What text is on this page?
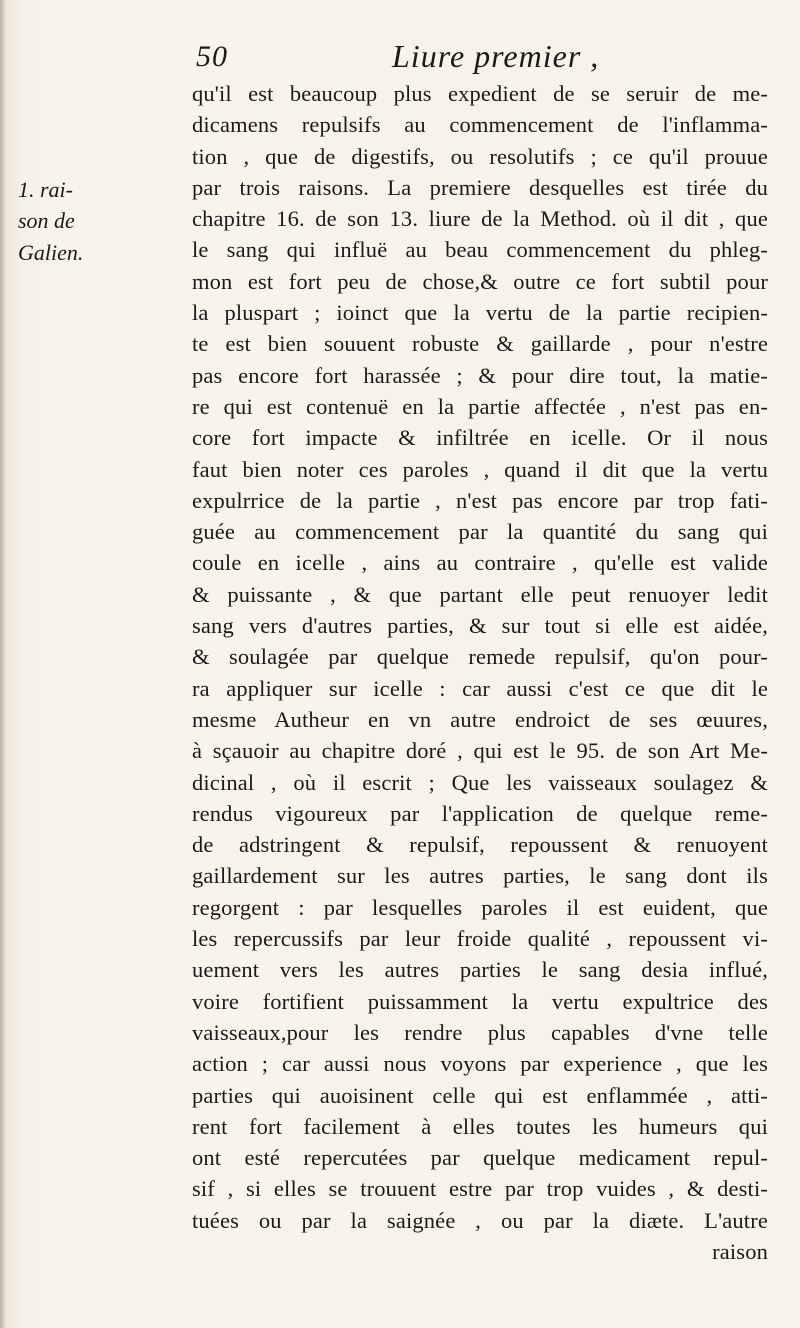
50	Liure premier ,
1. rai-
son de
Galien.
qu'il est beaucoup plus expedient de se seruir de me-
dicamens repulsifs au commencement de l'inflamma-
tion , que de digestifs, ou resolutifs ; ce qu'il prouue
par trois raisons. La premiere desquelles est tirée du
chapitre 16. de son 13. liure de la Method. où il dit , que
le sang qui influë au beau commencement du phleg-
mon est fort peu de chose,& outre ce fort subtil pour
la pluspart ; ioinct que la vertu de la partie recipien-
te est bien souuent robuste & gaillarde , pour n'estre
pas encore fort harassée ; & pour dire tout, la matie-
re qui est contenuë en la partie affectée , n'est pas en-
core fort impacte & infiltrée en icelle. Or il nous
faut bien noter ces paroles , quand il dit que la vertu
expulrrice de la partie , n'est pas encore par trop fati-
guée au commencement par la quantité du sang qui
coule en icelle , ains au contraire , qu'elle est valide
& puissante , & que partant elle peut renuoyer ledit
sang vers d'autres parties, & sur tout si elle est aidée,
& soulagée par quelque remede repulsif, qu'on pour-
ra appliquer sur icelle : car aussi c'est ce que dit le
mesme Autheur en vn autre endroict de ses œuures,
à sçauoir au chapitre doré , qui est le 95. de son Art Me-
dicinal , où il escrit ; Que les vaisseaux soulagez &
rendus vigoureux par l'application de quelque reme-
de adstringent & repulsif, repoussent & renuoyent
gaillardement sur les autres parties, le sang dont ils
regorgent : par lesquelles paroles il est euident, que
les repercussifs par leur froide qualité , repoussent vi-
uement vers les autres parties le sang desia influé,
voire fortifient puissamment la vertu expultrice des
vaisseaux,pour les rendre plus capables d'vne telle
action ; car aussi nous voyons par experience , que les
parties qui auoisinent celle qui est enflammée , atti-
rent fort facilement à elles toutes les humeurs qui
ont esté repercutées par quelque medicament repul-
sif , si elles se trouuent estre par trop vuides , & desti-
tuées ou par la saignée , ou par la diæte. L'autre
raison
